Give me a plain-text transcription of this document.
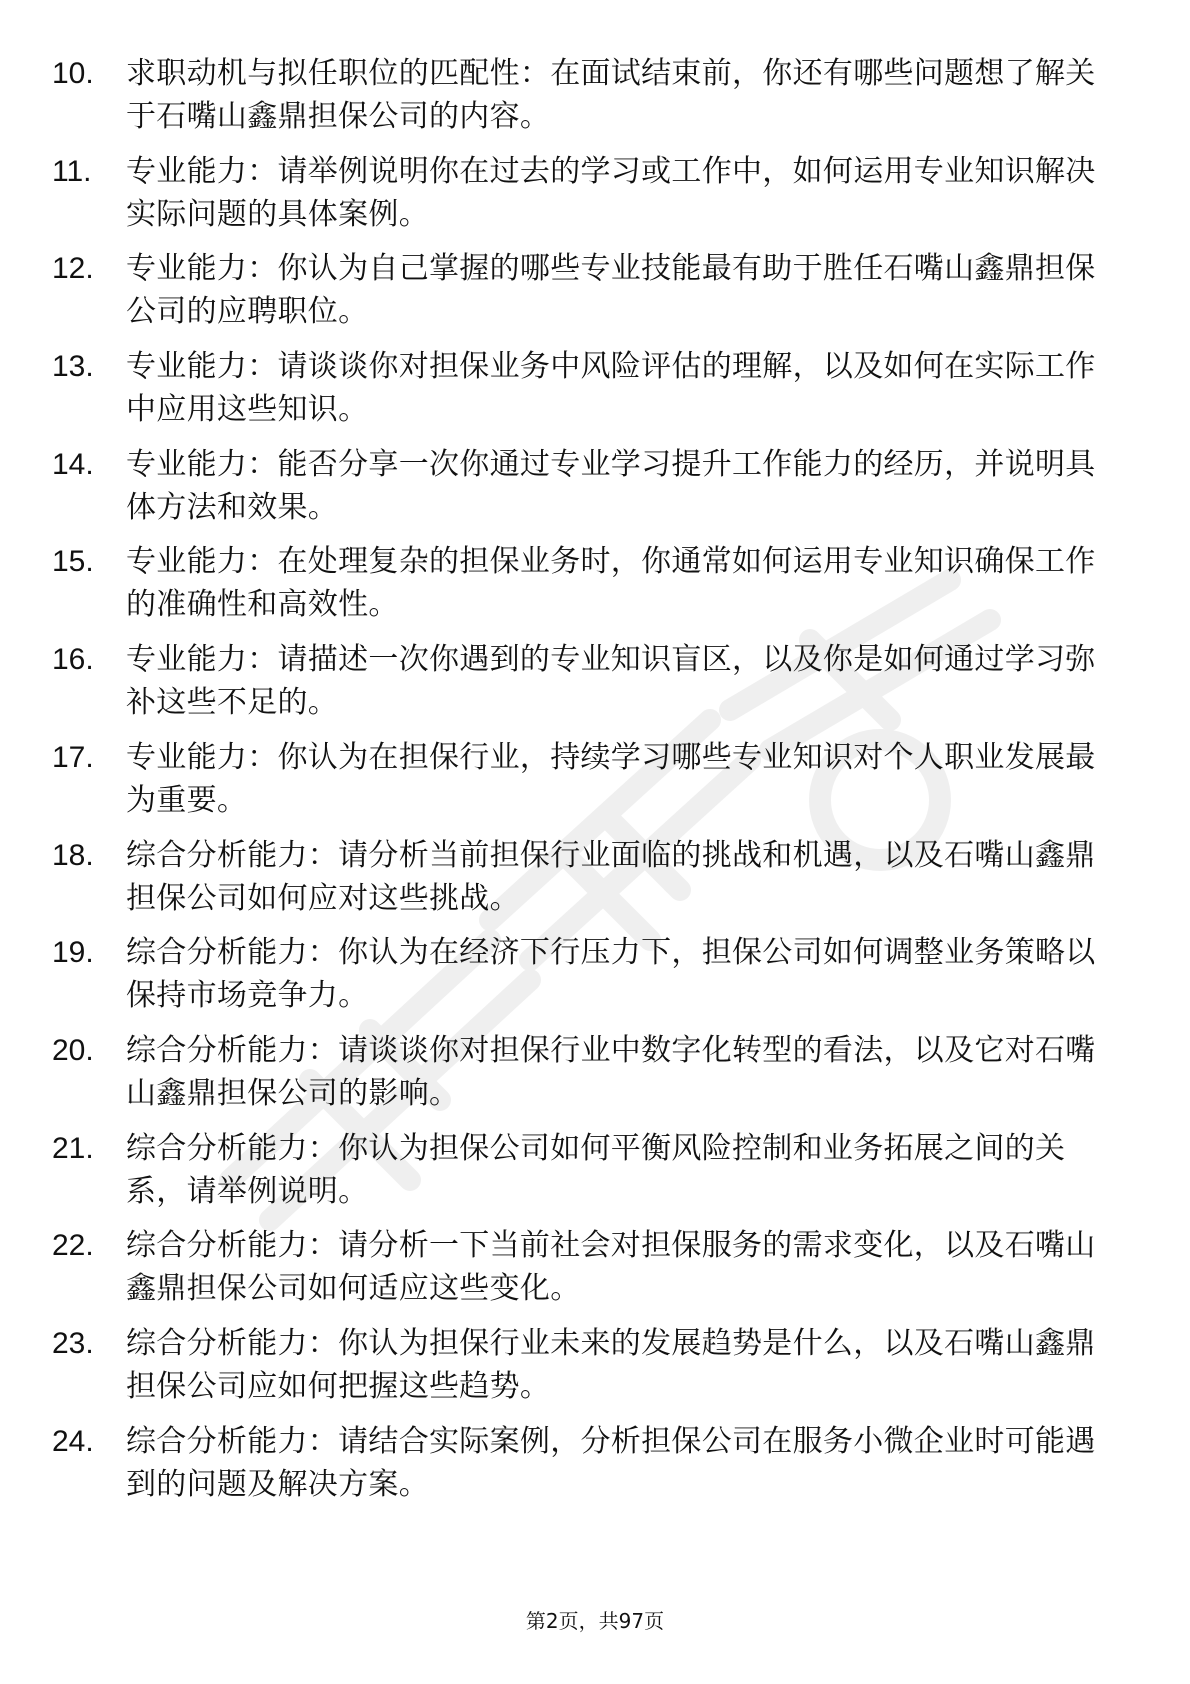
10.	求职动机与拟任职位的匹配性：在面试结束前，你还有哪些问题想了解关于石嘴山鑫鼎担保公司的内容。
11.	专业能力：请举例说明你在过去的学习或工作中，如何运用专业知识解决实际问题的具体案例。
12.	专业能力：你认为自己掌握的哪些专业技能最有助于胜任石嘴山鑫鼎担保公司的应聘职位。
13.	专业能力：请谈谈你对担保业务中风险评估的理解，以及如何在实际工作中应用这些知识。
14.	专业能力：能否分享一次你通过专业学习提升工作能力的经历，并说明具体方法和效果。
15.	专业能力：在处理复杂的担保业务时，你通常如何运用专业知识确保工作的准确性和高效性。
16.	专业能力：请描述一次你遇到的专业知识盲区，以及你是如何通过学习弥补这些不足的。
17.	专业能力：你认为在担保行业，持续学习哪些专业知识对个人职业发展最为重要。
18.	综合分析能力：请分析当前担保行业面临的挑战和机遇，以及石嘴山鑫鼎担保公司如何应对这些挑战。
19.	综合分析能力：你认为在经济下行压力下，担保公司如何调整业务策略以保持市场竞争力。
20.	综合分析能力：请谈谈你对担保行业中数字化转型的看法，以及它对石嘴山鑫鼎担保公司的影响。
21.	综合分析能力：你认为担保公司如何平衡风险控制和业务拓展之间的关系，请举例说明。
22.	综合分析能力：请分析一下当前社会对担保服务的需求变化，以及石嘴山鑫鼎担保公司如何适应这些变化。
23.	综合分析能力：你认为担保行业未来的发展趋势是什么，以及石嘴山鑫鼎担保公司应如何把握这些趋势。
24.	综合分析能力：请结合实际案例，分析担保公司在服务小微企业时可能遇到的问题及解决方案。
第2页，共97页
